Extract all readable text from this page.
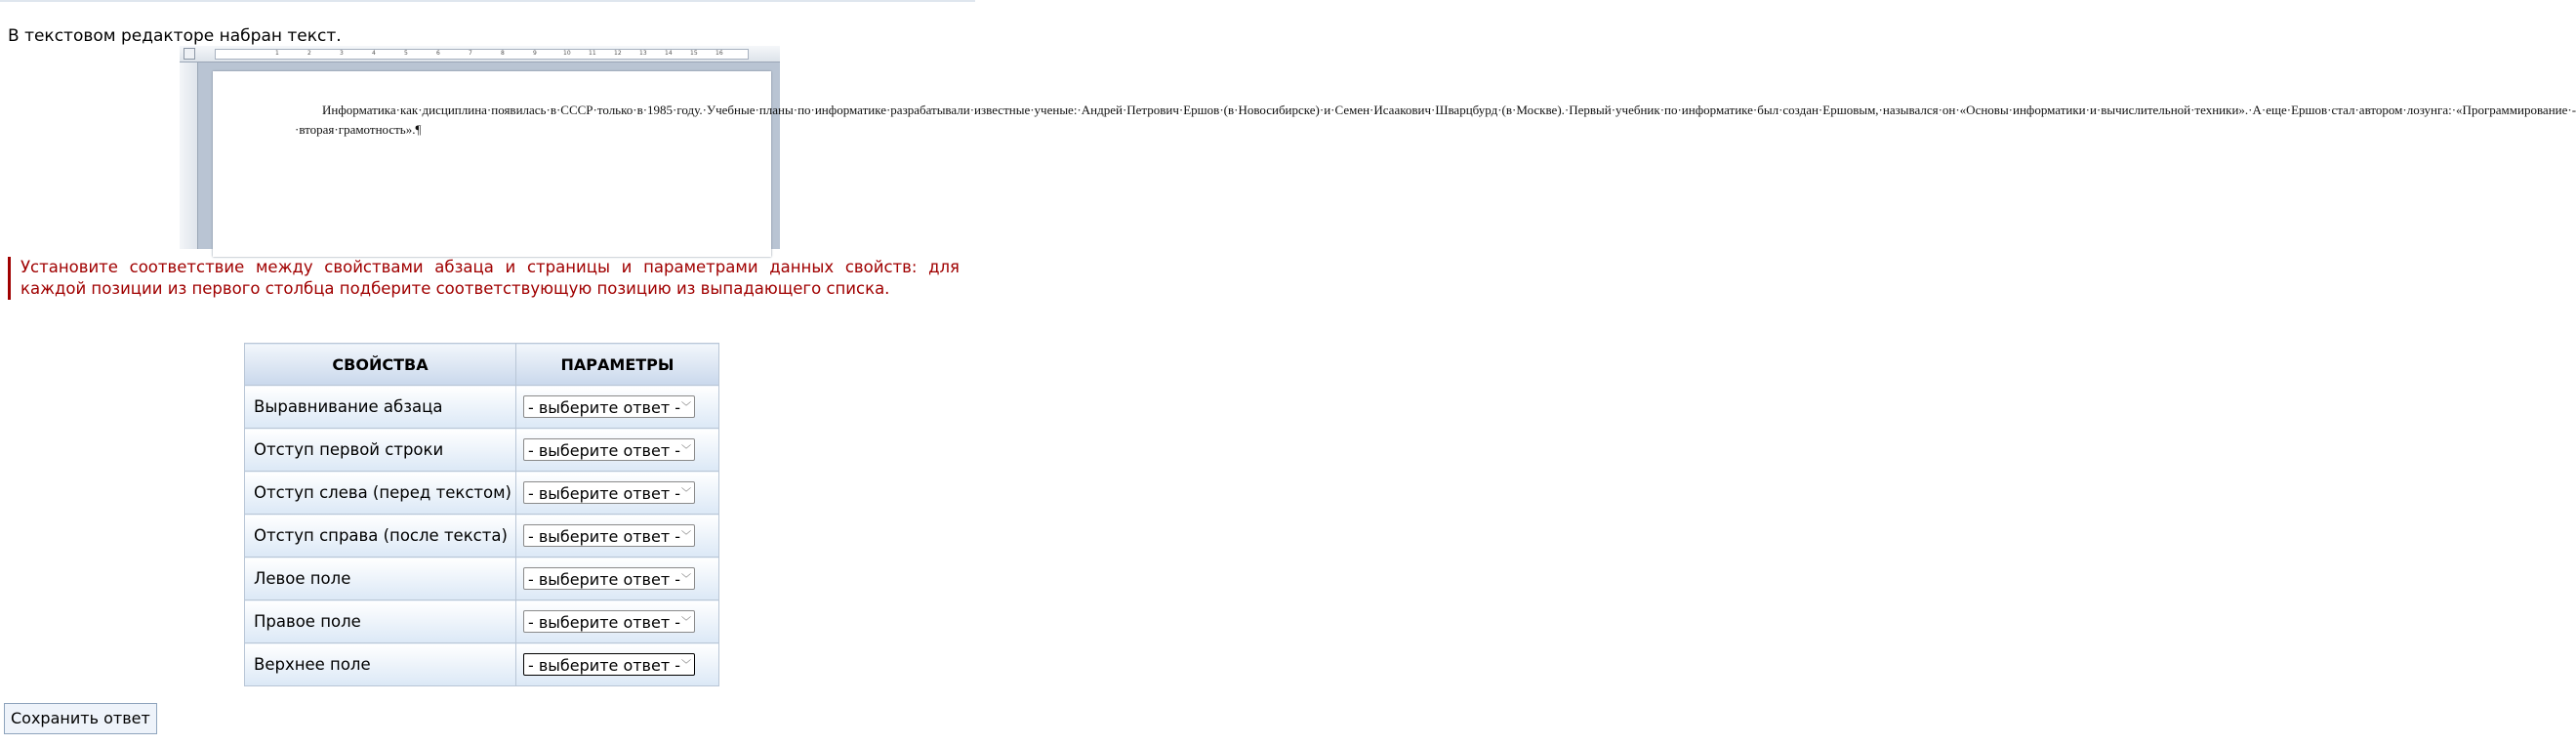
В текстовом редакторе набран текст.
1	2	3	4	5	6	7	8	9	10	11	12	13	14	15	16
Информатика·как·дисциплина·появилась·в·СССР·только·в·1985·году.·Учебные·планы·по·информатике·разрабатывали·известные·ученые:·Андрей·Петрович·Ершов·(в·Новосибирске)·и·Семен·Исаакович·Шварцбурд·(в·Москве).·Первый·учебник·по·информатике·был·создан·Ершовым,·назывался·он·«Основы·информатики·и·вычислительной·техники».·А·еще·Ершов·стал·автором·лозунга:·«Программирование·-·вторая·грамотность».¶
Установите соответствие между свойствами абзаца и страницы и параметрами данных свойств: для каждой позиции из первого столбца подберите соответствующую позицию из выпадающего списка.
СВОЙСТВА	ПАРАМЕТРЫ
Выравнивание абзаца	- выберите ответ - ﹀

Отступ первой строки	- выберите ответ - ﹀

Отступ слева (перед текстом)	- выберите ответ - ﹀

Отступ справа (после текста)	- выберите ответ - ﹀

Левое поле	- выберите ответ - ﹀

Правое поле	- выберите ответ - ﹀

Верхнее поле	- выберите ответ - ﹀
Сохранить ответ
